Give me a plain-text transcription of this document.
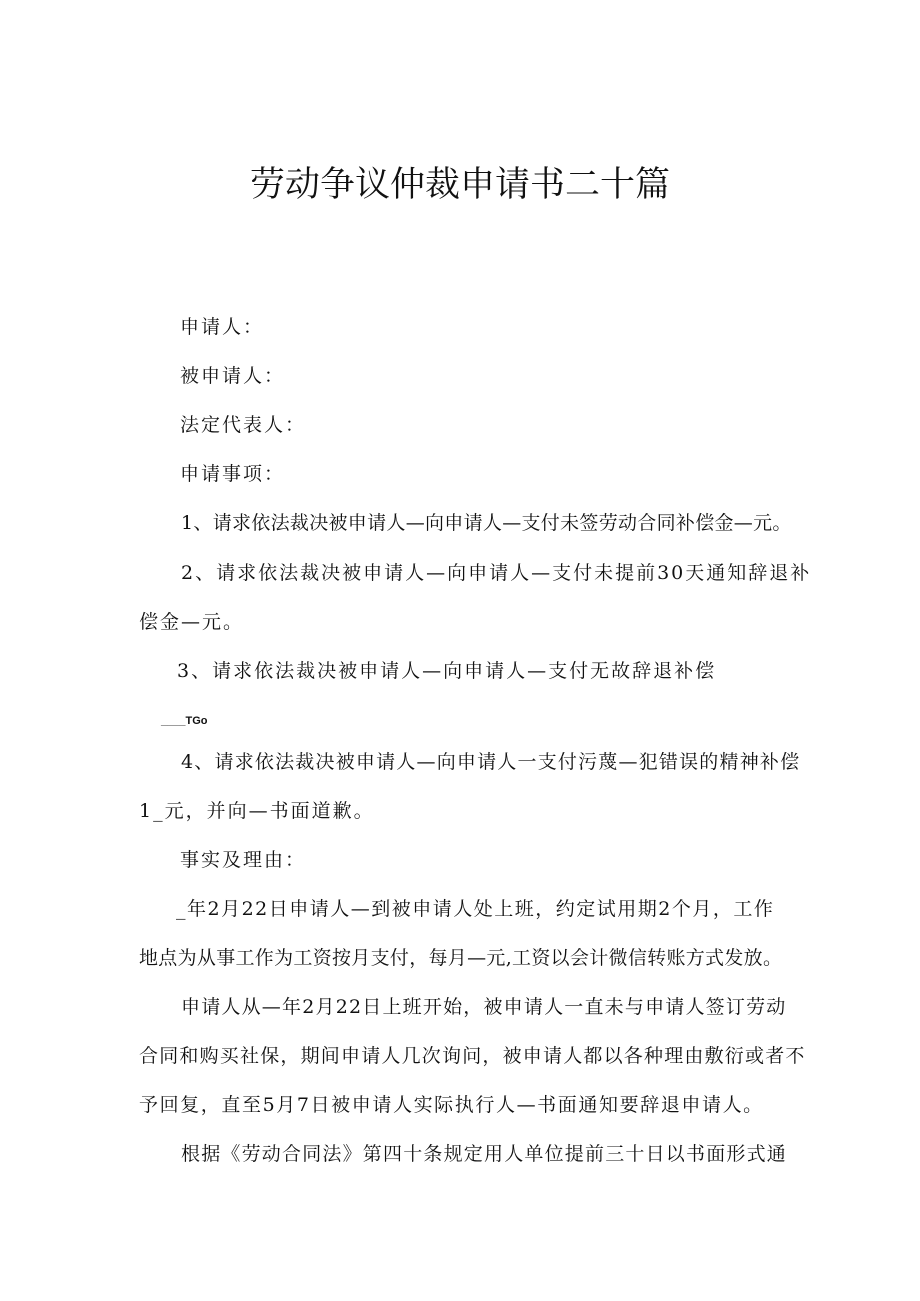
劳动争议仲裁申请书二十篇
申请人：
被申请人：
法定代表人：
申请事项：
1、请求依法裁决被申请人—向申请人—支付未签劳动合同补偿金—元。
2、请求依法裁决被申请人—向申请人—支付未提前30天通知辞退补
偿金—元。
3、请求依法裁决被申请人—向申请人—支付无故辞退补偿
____TGo
4、请求依法裁决被申请人—向申请人一支付污蔑—犯错误的精神补偿
1_元，并向—书面道歉。
事实及理由：
_年2月22日申请人—到被申请人处上班，约定试用期2个月，工作
地点为从事工作为工资按月支付，每月—元,工资以会计微信转账方式发放。
申请人从—年2月22日上班开始，被申请人一直未与申请人签订劳动
合同和购买社保，期间申请人几次询问，被申请人都以各种理由敷衍或者不
予回复，直至5月7日被申请人实际执行人—书面通知要辞退申请人。
根据《劳动合同法》第四十条规定用人单位提前三十日以书面形式通
